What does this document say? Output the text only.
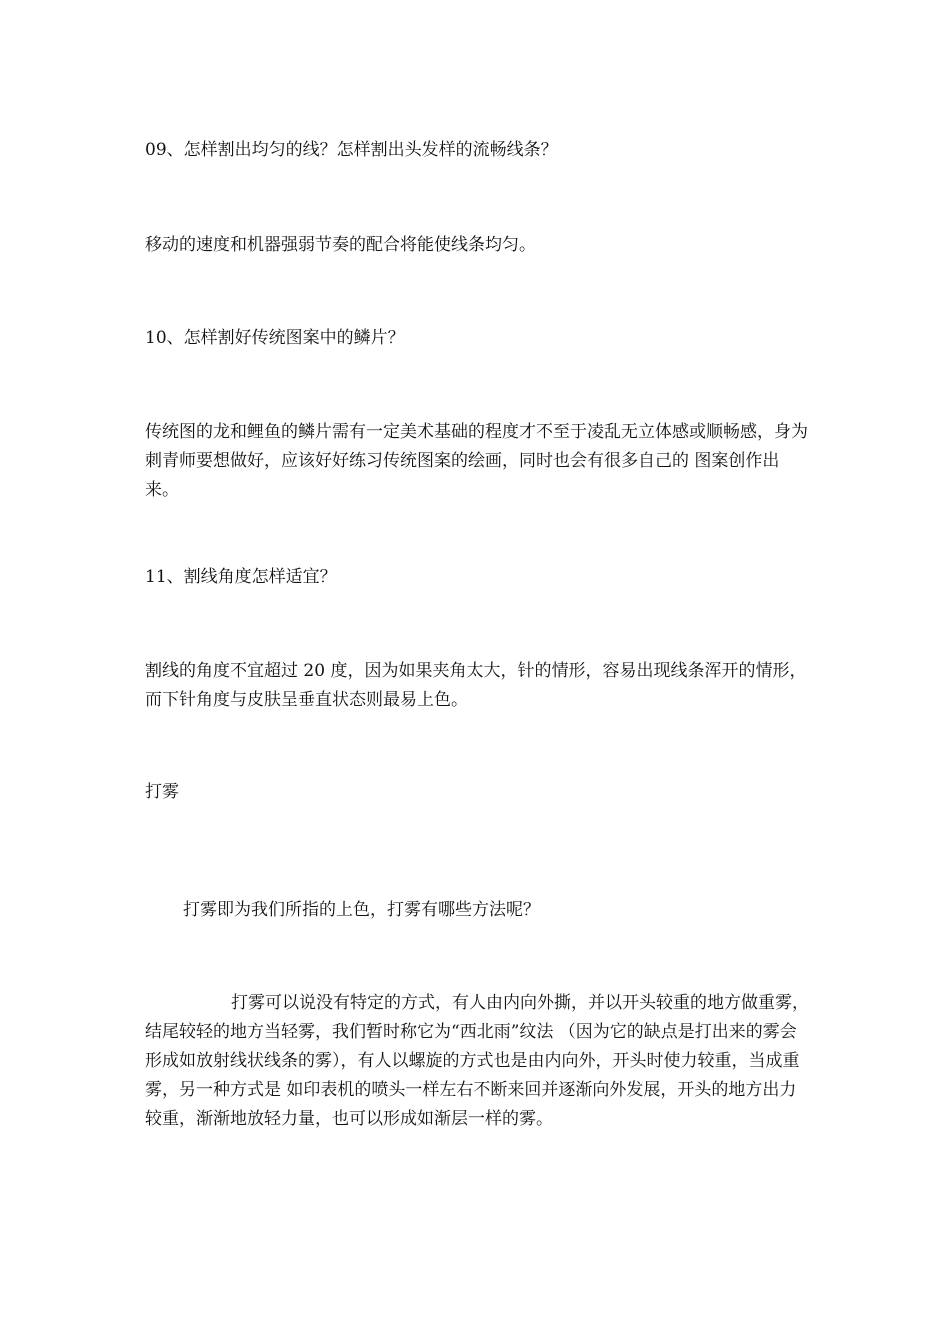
09、怎样割出均匀的线？怎样割出头发样的流畅线条？

移动的速度和机器强弱节奏的配合将能使线条均匀。

10、怎样割好传统图案中的鳞片？

传统图的龙和鲤鱼的鳞片需有一定美术基础的程度才不至于凌乱无立体感或顺畅感，身为刺青师要想做好，应该好好练习传统图案的绘画，同时也会有很多自己的 图案创作出来。

11、割线角度怎样适宜？

割线的角度不宜超过 20 度，因为如果夹角太大，针的情形，容易出现线条浑开的情形，而下针角度与皮肤呈垂直状态则最易上色。

打雾

打雾即为我们所指的上色，打雾有哪些方法呢？

打雾可以说没有特定的方式，有人由内向外撕，并以开头较重的地方做重雾，结尾较轻的地方当轻雾，我们暂时称它为“西北雨”纹法 （因为它的缺点是打出来的雾会形成如放射线状线条的雾），有人以螺旋的方式也是由内向外，开头时使力较重，当成重雾，另一种方式是 如印表机的喷头一样左右不断来回并逐渐向外发展，开头的地方出力较重，渐渐地放轻力量，也可以形成如渐层一样的雾。
